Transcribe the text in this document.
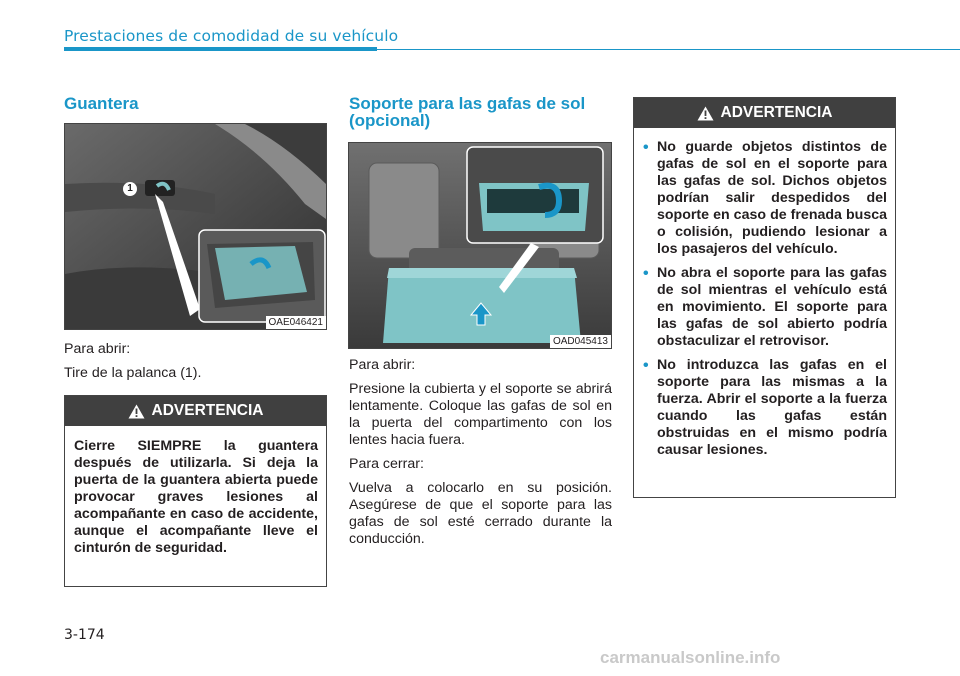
Prestaciones de comodidad de su vehículo
Guantera
1
OAE046421

Para abrir:

Tire de la palanca (1).

ADVERTENCIA
Cierre SIEMPRE la guantera después de utilizarla. Si deja la puerta de la guantera abierta puede provocar graves lesiones al acompañante en caso de accidente, aunque el acompañante lleve el cinturón de seguridad.
Soporte para las gafas de sol
(opcional)
OAD045413

Para abrir:

Presione la cubierta y el soporte se abrirá lentamente. Coloque las gafas de sol en la puerta del compartimento con los lentes hacia fuera.

Para cerrar:

Vuelva a colocarlo en su posición. Asegúrese de que el soporte para las gafas de sol esté cerrado durante la conducción.

ADVERTENCIA
• No guarde objetos distintos de gafas de sol en el soporte para las gafas de sol. Dichos objetos podrían salir despedidos del soporte en caso de frenada busca o colisión, pudiendo lesionar a los pasajeros del vehículo.
• No abra el soporte para las gafas de sol mientras el vehículo está en movimiento. El soporte para las gafas de sol abierto podría obstaculizar el retrovisor.
• No introduzca las gafas en el soporte para las mismas a la fuerza. Abrir el soporte a la fuerza cuando las gafas están obstruidas en el mismo podría causar lesiones.
3-174
carmanualsonline.info
